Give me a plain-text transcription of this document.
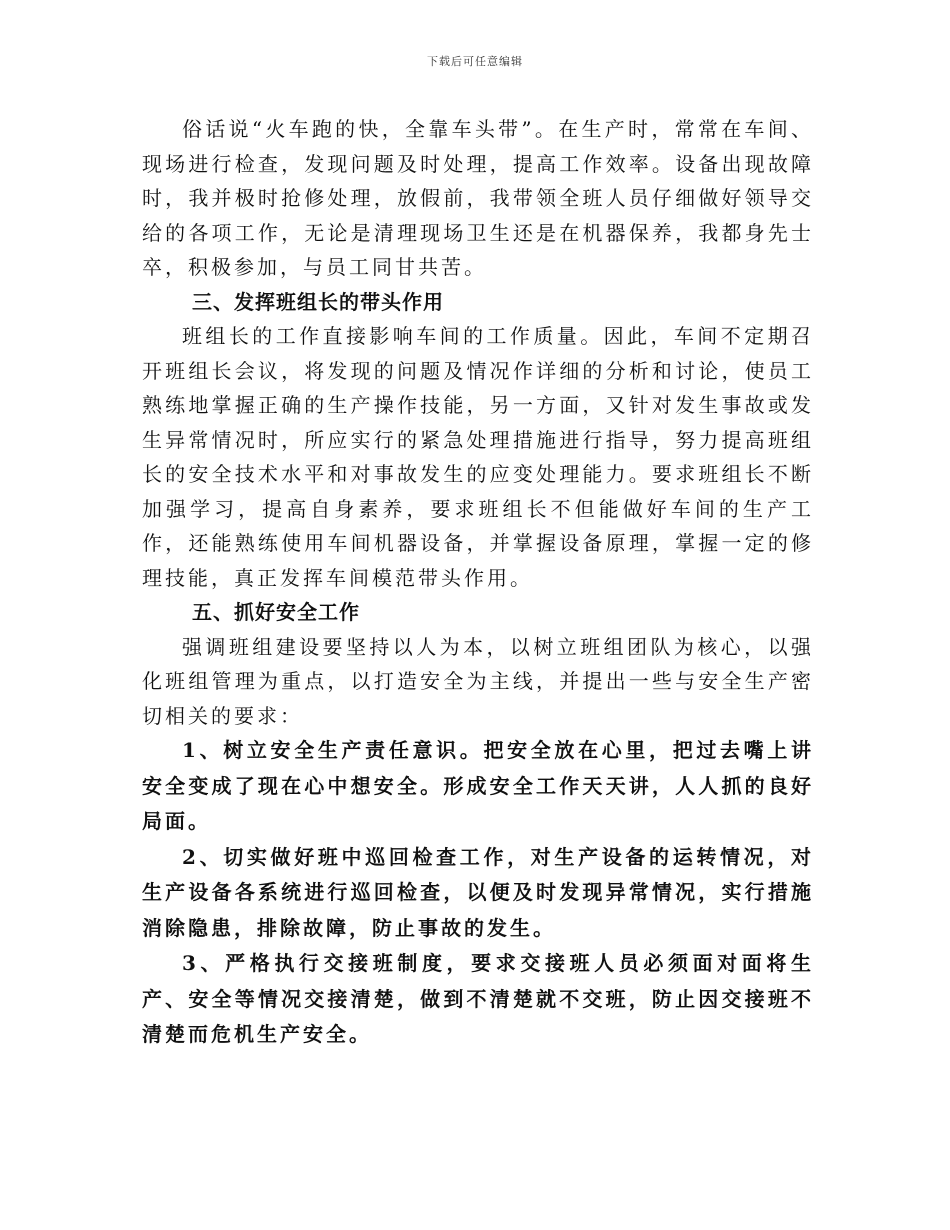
下载后可任意编辑

俗话说“火车跑的快，全靠车头带”。在生产时，常常在车间、现场进行检查，发现问题及时处理，提高工作效率。设备出现故障时，我并极时抢修处理，放假前，我带领全班人员仔细做好领导交给的各项工作，无论是清理现场卫生还是在机器保养，我都身先士卒，积极参加，与员工同甘共苦。

三、发挥班组长的带头作用

班组长的工作直接影响车间的工作质量。因此，车间不定期召开班组长会议，将发现的问题及情况作详细的分析和讨论，使员工熟练地掌握正确的生产操作技能，另一方面，又针对发生事故或发生异常情况时，所应实行的紧急处理措施进行指导，努力提高班组长的安全技术水平和对事故发生的应变处理能力。要求班组长不断加强学习，提高自身素养，要求班组长不但能做好车间的生产工作，还能熟练使用车间机器设备，并掌握设备原理，掌握一定的修理技能，真正发挥车间模范带头作用。

五、抓好安全工作

强调班组建设要坚持以人为本，以树立班组团队为核心，以强化班组管理为重点，以打造安全为主线，并提出一些与安全生产密切相关的要求：

1、树立安全生产责任意识。把安全放在心里，把过去嘴上讲安全变成了现在心中想安全。形成安全工作天天讲，人人抓的良好局面。

2、切实做好班中巡回检查工作，对生产设备的运转情况，对生产设备各系统进行巡回检查，以便及时发现异常情况，实行措施消除隐患，排除故障，防止事故的发生。

3、严格执行交接班制度，要求交接班人员必须面对面将生产、安全等情况交接清楚，做到不清楚就不交班，防止因交接班不清楚而危机生产安全。
